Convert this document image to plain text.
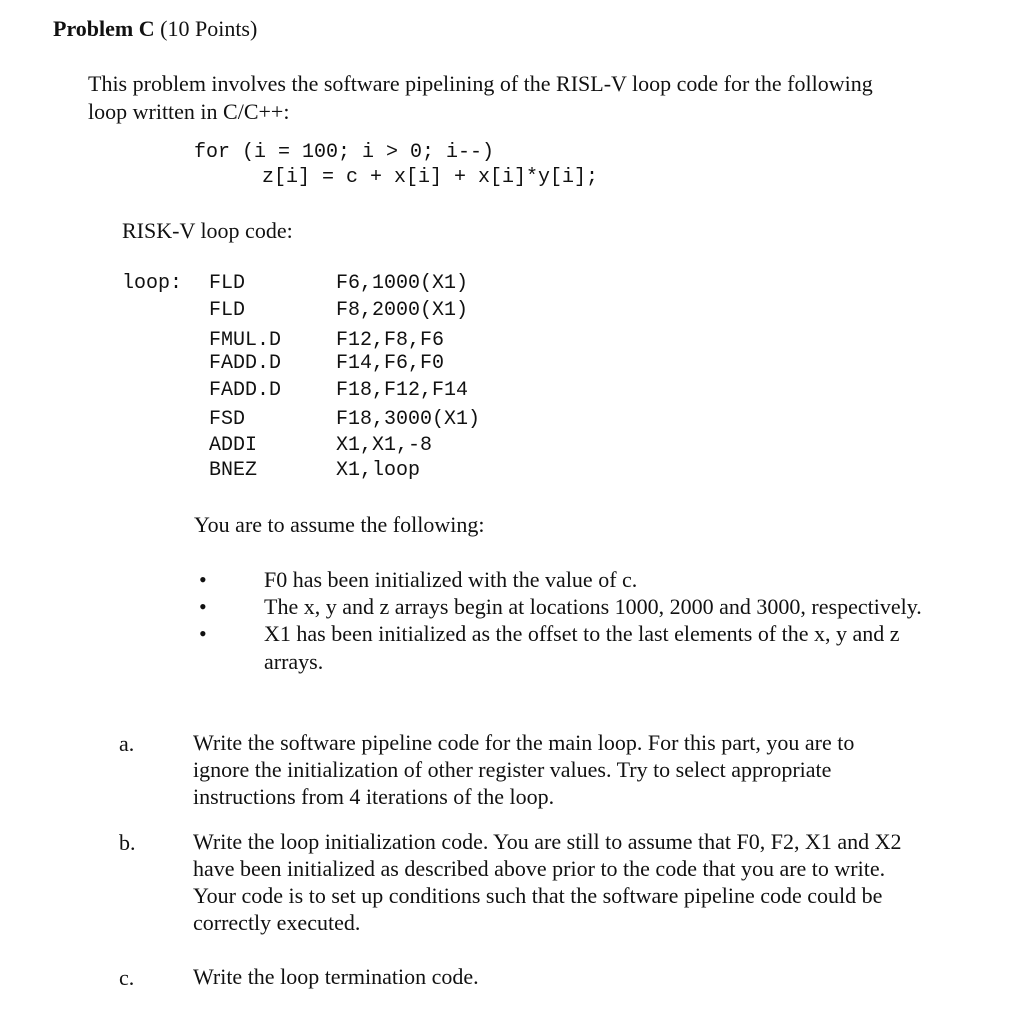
Problem C (10 Points)
This problem involves the software pipelining of the RISL-V loop code for the following
loop written in C/C++:
for (i = 100; i > 0; i--)
z[i] = c + x[i] + x[i]*y[i];
RISK-V loop code:
loop: FLD	F6,1000(X1)
FLD	F8,2000(X1)
FMUL.D	F12,F8,F6
FADD.D	F14,F6,F0
FADD.D	F18,F12,F14
FSD	F18,3000(X1)
ADDI	X1,X1,-8
BNEZ	X1,loop
You are to assume the following:
•	F0 has been initialized with the value of c.
•	The x, y and z arrays begin at locations 1000, 2000 and 3000, respectively.
•	X1 has been initialized as the offset to the last elements of the x, y and z
arrays.
a.	Write the software pipeline code for the main loop. For this part, you are to
ignore the initialization of other register values. Try to select appropriate
instructions from 4 iterations of the loop.
b.	Write the loop initialization code. You are still to assume that F0, F2, X1 and X2
have been initialized as described above prior to the code that you are to write.
Your code is to set up conditions such that the software pipeline code could be
correctly executed.
c.	Write the loop termination code.
